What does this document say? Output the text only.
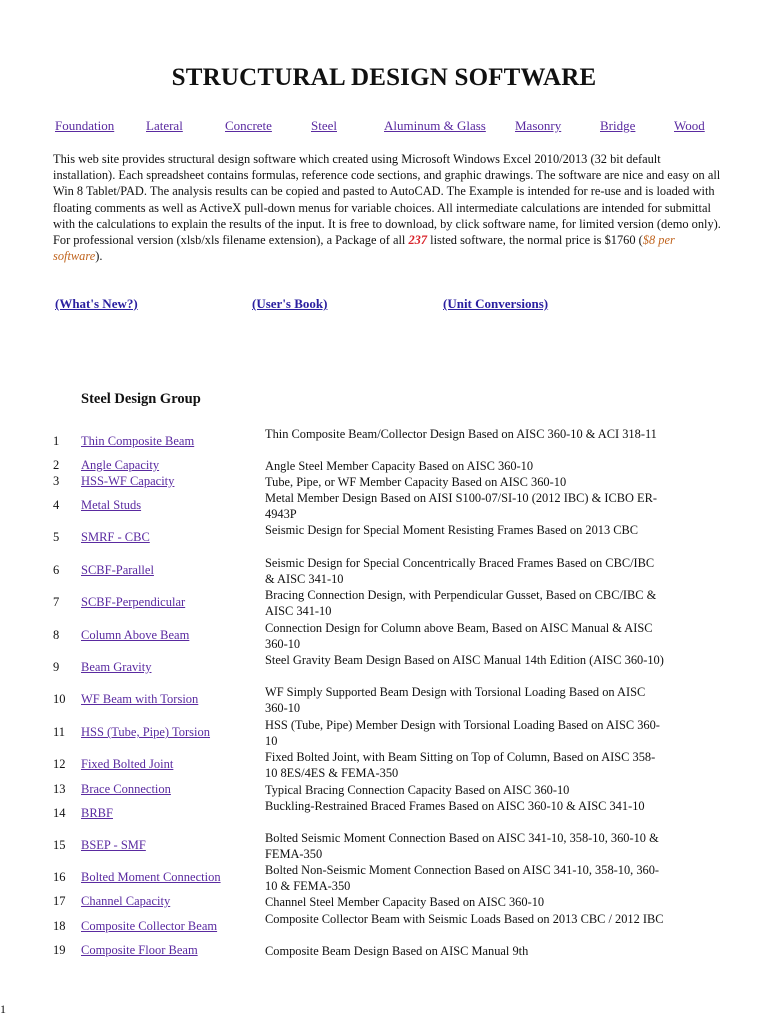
STRUCTURAL DESIGN SOFTWARE
Foundation Lateral	Concrete	Steel	Aluminum & Glass Masonry	Bridge	Wood
This web site provides structural design software which created using Microsoft Windows Excel 2010/2013 (32 bit default installation). Each spreadsheet contains formulas, reference code sections, and graphic drawings. The software are nice and easy on all Win 8 Tablet/PAD. The analysis results can be copied and pasted to AutoCAD. The Example is intended for re-use and is loaded with floating comments as well as ActiveX pull-down menus for variable choices. All intermediate calculations are intended for submittal with the calculations to explain the results of the input. It is free to download, by click software name, for limited version (demo only). For professional version (xlsb/xls filename extension), a Package of all 237 listed software, the normal price is $1760 ($8 per software).
(What's New?)	(User's Book)	(Unit Conversions)
Steel Design Group
1 Thin Composite Beam	Thin Composite Beam/Collector Design Based on AISC 360-10 & ACI 318-11
2 Angle Capacity	Angle Steel Member Capacity Based on AISC 360-10
3 HSS-WF Capacity	Tube, Pipe, or WF Member Capacity Based on AISC 360-10
4 Metal Studs	Metal Member Design Based on AISI S100-07/SI-10 (2012 IBC) & ICBO ER-4943P
5 SMRF - CBC	Seismic Design for Special Moment Resisting Frames Based on 2013 CBC
6 SCBF-Parallel	Seismic Design for Special Concentrically Braced Frames Based on CBC/IBC & AISC 341-10
7 SCBF-Perpendicular	Bracing Connection Design, with Perpendicular Gusset, Based on CBC/IBC & AISC 341-10
8 Column Above Beam	Connection Design for Column above Beam, Based on AISC Manual & AISC 360-10
9 Beam Gravity	Steel Gravity Beam Design Based on AISC Manual 14th Edition (AISC 360-10)
10 WF Beam with Torsion	WF Simply Supported Beam Design with Torsional Loading Based on AISC 360-10
11 HSS (Tube, Pipe) Torsion	HSS (Tube, Pipe) Member Design with Torsional Loading Based on AISC 360-10
12 Fixed Bolted Joint	Fixed Bolted Joint, with Beam Sitting on Top of Column, Based on AISC 358-10 8ES/4ES & FEMA-350
13 Brace Connection	Typical Bracing Connection Capacity Based on AISC 360-10
14 BRBF	Buckling-Restrained Braced Frames Based on AISC 360-10 & AISC 341-10
15 BSEP - SMF	Bolted Seismic Moment Connection Based on AISC 341-10, 358-10, 360-10 & FEMA-350
16 Bolted Moment Connection	Bolted Non-Seismic Moment Connection Based on AISC 341-10, 358-10, 360-10 & FEMA-350
17 Channel Capacity	Channel Steel Member Capacity Based on AISC 360-10
18 Composite Collector Beam	Composite Collector Beam with Seismic Loads Based on 2013 CBC / 2012 IBC
19 Composite Floor Beam	Composite Beam Design Based on AISC Manual 9th
1
